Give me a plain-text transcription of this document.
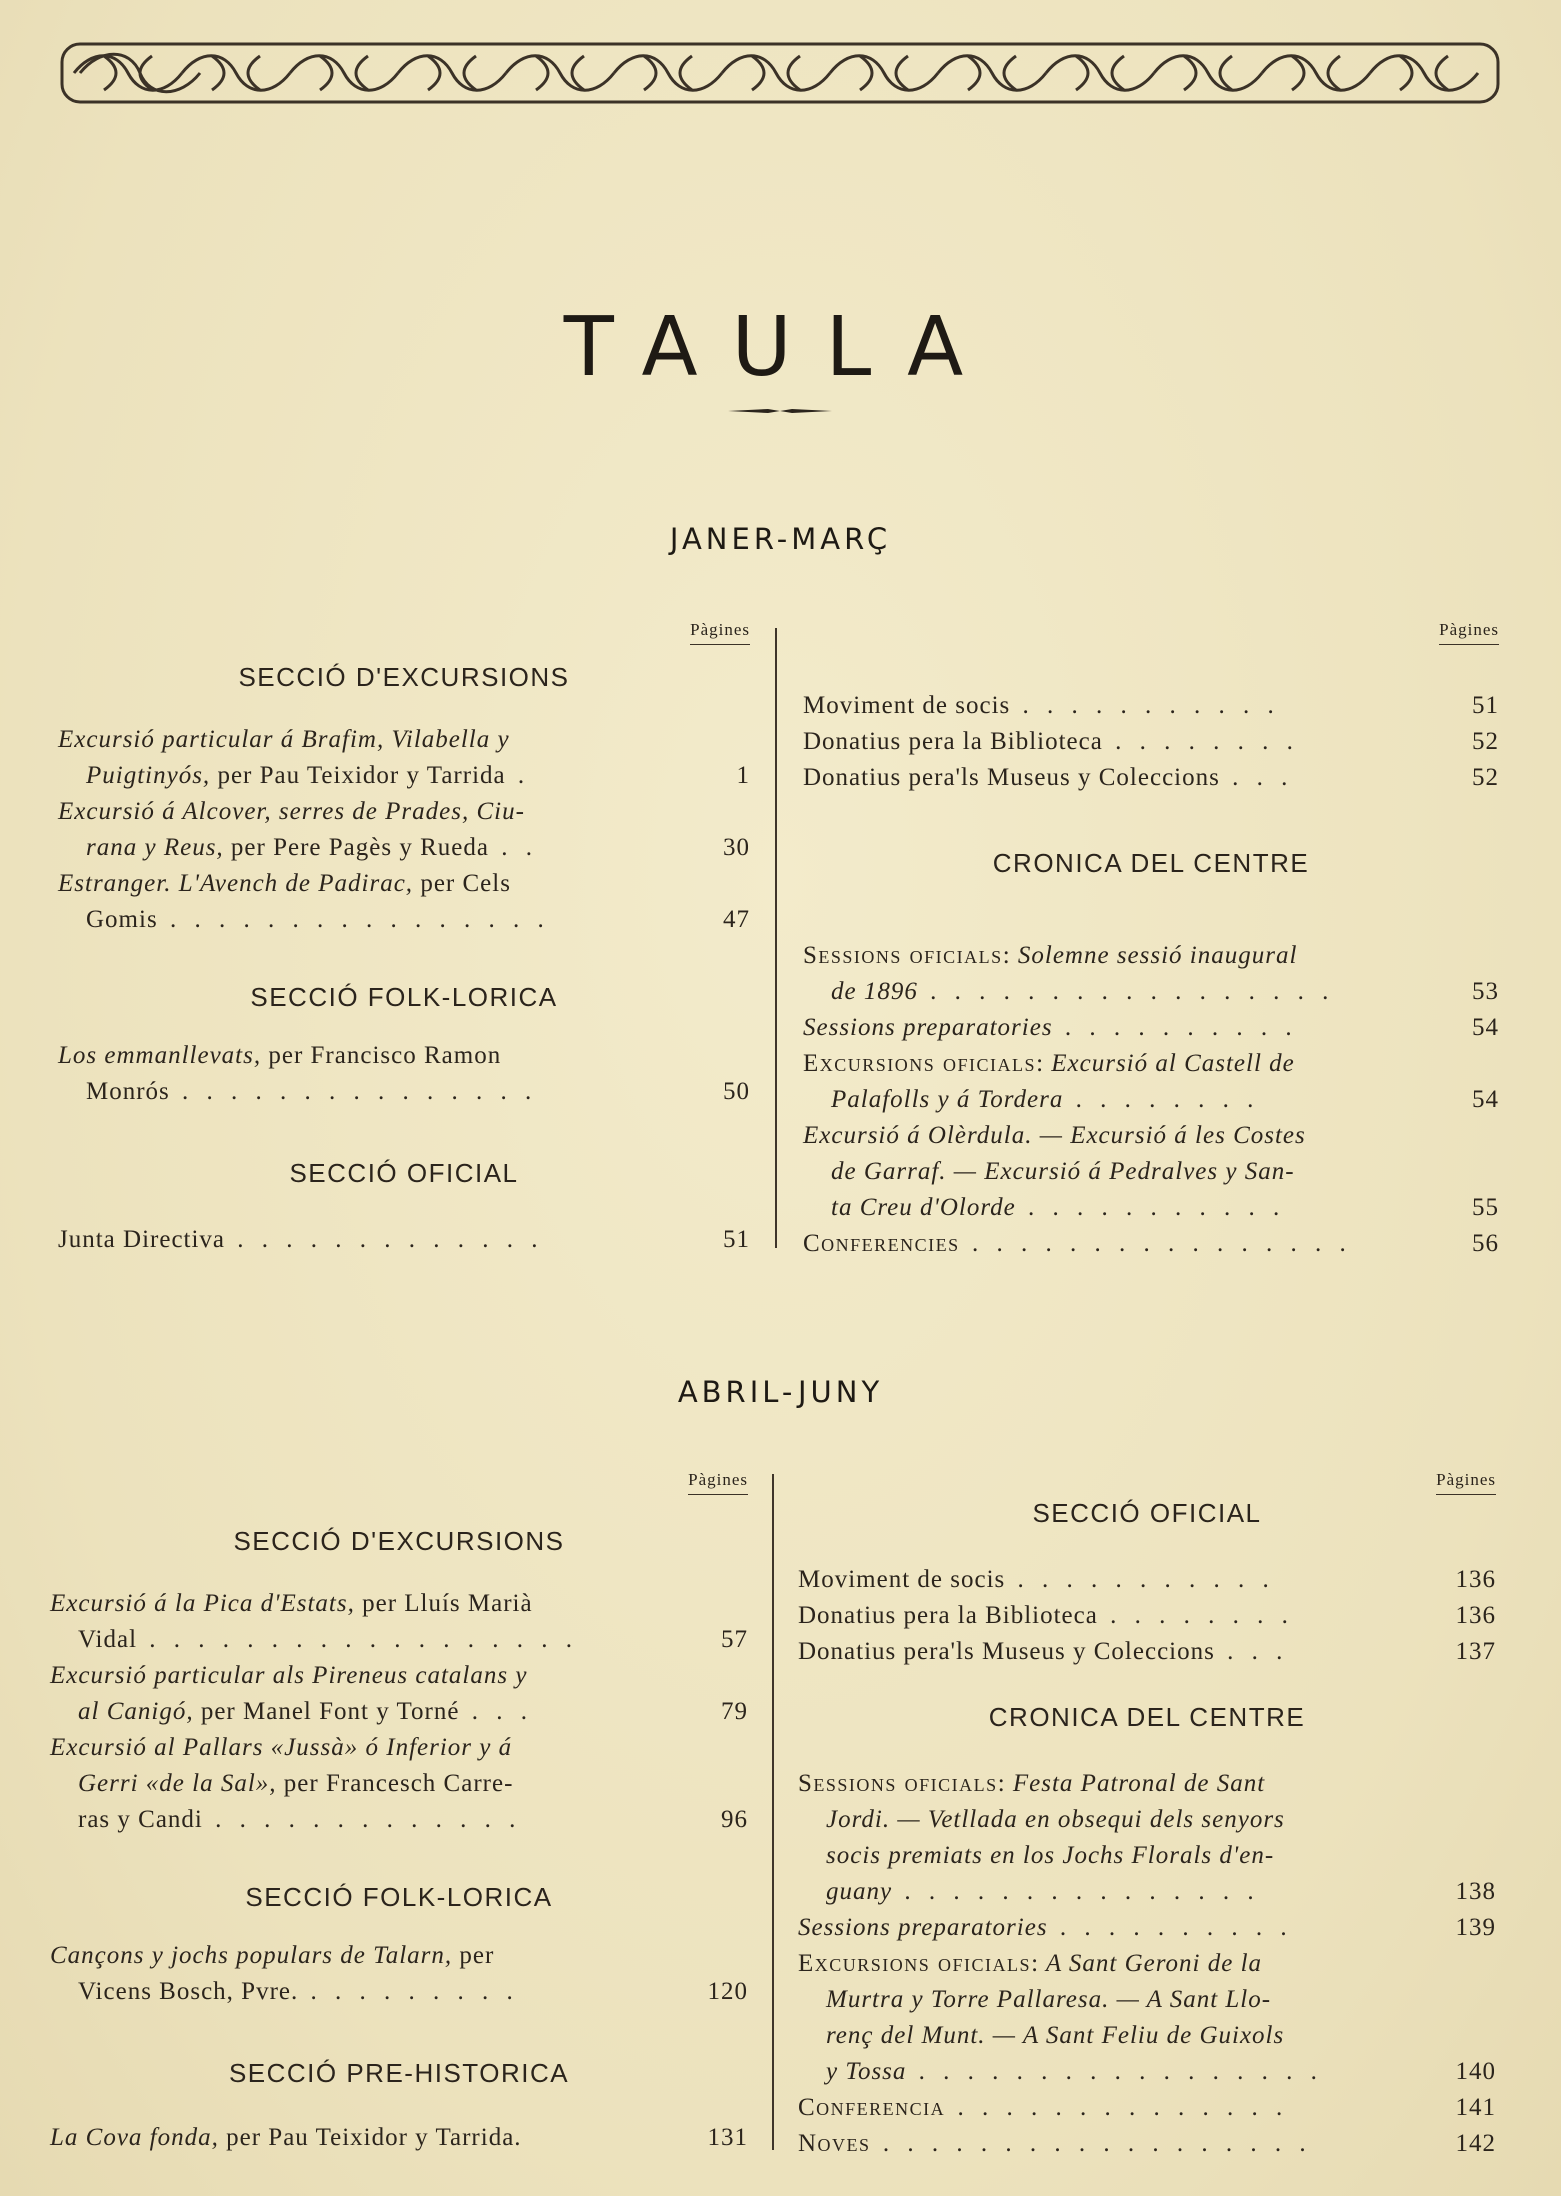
TAULA
JANER-MARÇ
Pàgines
SECCIÓ D'EXCURSIONS
Excursió particular á Brafim, Vilabella y
Puigtinyós, per Pau Teixidor y Tarrida .	1
Excursió á Alcover, serres de Prades, Ciu-
rana y Reus, per Pere Pagès y Rueda . .	30
Estranger. L'Avench de Padirac, per Cels
Gomis . . . . . . . . . . . . . . . .	47
SECCIÓ FOLK-LORICA
Los emmanllevats, per Francisco Ramon
Monrós . . . . . . . . . . . . . . .	50
SECCIÓ OFICIAL
Junta Directiva . . . . . . . . . . . . .	51
Pàgines
Moviment de socis . . . . . . . . . . .	51
Donatius pera la Biblioteca . . . . . . . .	52
Donatius pera'ls Museus y Coleccions . . .	52
CRONICA DEL CENTRE
Sessions oficials: Solemne sessió inaugural
de 1896 . . . . . . . . . . . . . . . . .	53
Sessions preparatories . . . . . . . . . .	54
Excursions oficials: Excursió al Castell de
Palafolls y á Tordera . . . . . . . .	54
Excursió á Olèrdula. — Excursió á les Costes
de Garraf. — Excursió á Pedralves y San-
ta Creu d'Olorde . . . . . . . . . . .	55
Conferencies . . . . . . . . . . . . . . . .	56
ABRIL-JUNY
Pàgines
SECCIÓ D'EXCURSIONS
Excursió á la Pica d'Estats, per Lluís Marià
Vidal . . . . . . . . . . . . . . . . . .	57
Excursió particular als Pireneus catalans y
al Canigó, per Manel Font y Torné . . .	79
Excursió al Pallars «Jussà» ó Inferior y á
Gerri «de la Sal», per Francesch Carre-
ras y Candi . . . . . . . . . . . . .	96
SECCIÓ FOLK-LORICA
Cançons y jochs populars de Talarn, per
Vicens Bosch, Pvre. . . . . . . . . .	120
SECCIÓ PRE-HISTORICA
La Cova fonda, per Pau Teixidor y Tarrida.	131
Pàgines
SECCIÓ OFICIAL
Moviment de socis . . . . . . . . . . .	136
Donatius pera la Biblioteca . . . . . . . .	136
Donatius pera'ls Museus y Coleccions . . .	137
CRONICA DEL CENTRE
Sessions oficials: Festa Patronal de Sant
Jordi. — Vetllada en obsequi dels senyors
socis premiats en los Jochs Florals d'en-
guany . . . . . . . . . . . . . . .	138
Sessions preparatories . . . . . . . . . .	139
Excursions oficials: A Sant Geroni de la
Murtra y Torre Pallaresa. — A Sant Llo-
renç del Munt. — A Sant Feliu de Guixols
y Tossa . . . . . . . . . . . . . . . . .	140
Conferencia . . . . . . . . . . . . . .	141
Noves . . . . . . . . . . . . . . . . . .	142
